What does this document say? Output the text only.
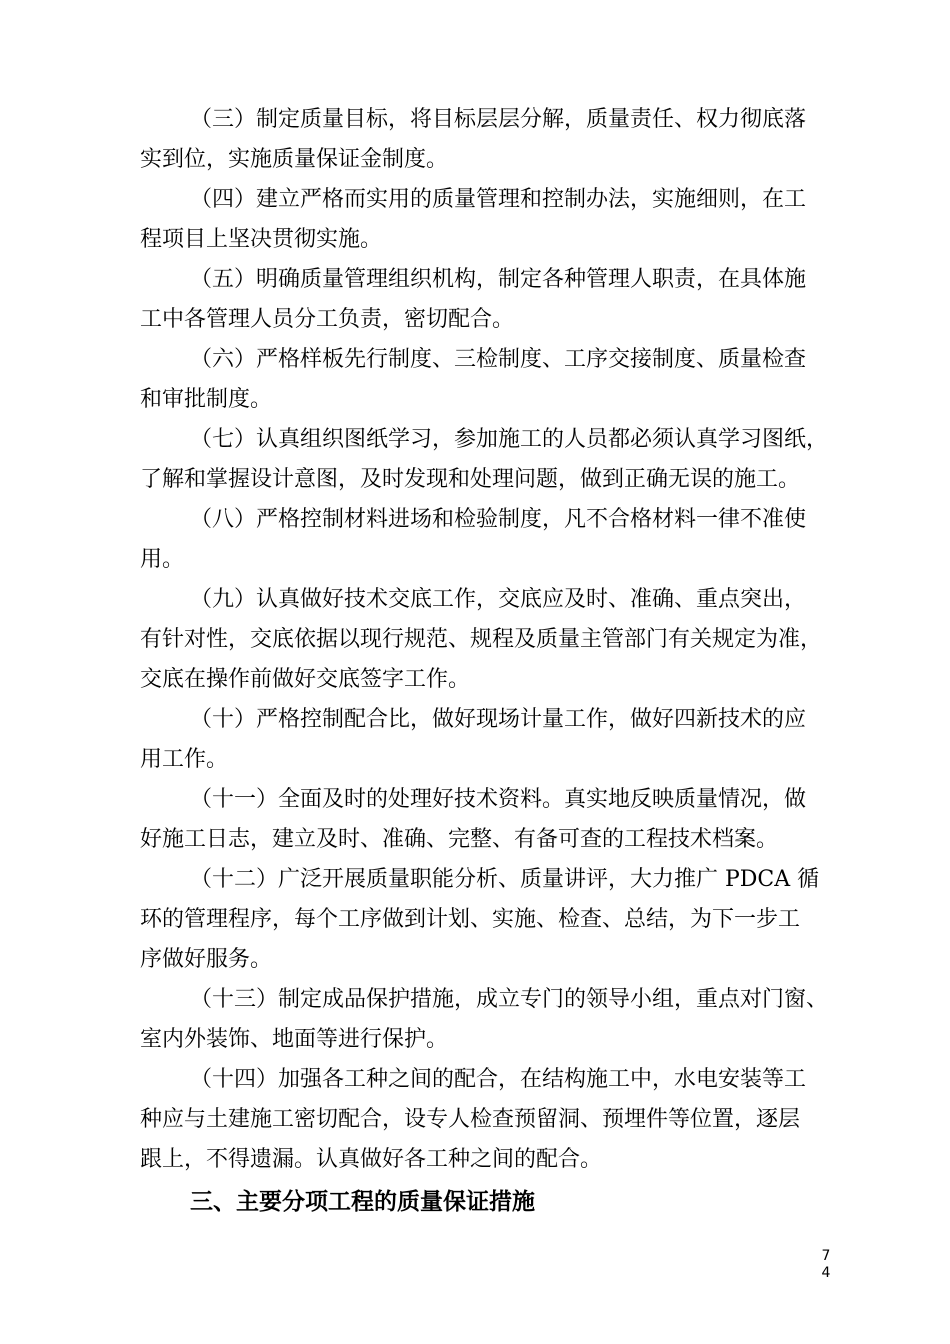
（三）制定质量目标，将目标层层分解，质量责任、权力彻底落
实到位，实施质量保证金制度。
（四）建立严格而实用的质量管理和控制办法，实施细则，在工
程项目上坚决贯彻实施。
（五）明确质量管理组织机构，制定各种管理人职责，在具体施
工中各管理人员分工负责，密切配合。
（六）严格样板先行制度、三检制度、工序交接制度、质量检查
和审批制度。
（七）认真组织图纸学习，参加施工的人员都必须认真学习图纸，
了解和掌握设计意图，及时发现和处理问题，做到正确无误的施工。
（八）严格控制材料进场和检验制度，凡不合格材料一律不准使
用。
（九）认真做好技术交底工作，交底应及时、准确、重点突出，
有针对性，交底依据以现行规范、规程及质量主管部门有关规定为准，
交底在操作前做好交底签字工作。
（十）严格控制配合比，做好现场计量工作，做好四新技术的应
用工作。
（十一）全面及时的处理好技术资料。真实地反映质量情况，做
好施工日志，建立及时、准确、完整、有备可查的工程技术档案。
（十二）广泛开展质量职能分析、质量讲评，大力推广 PDCA 循
环的管理程序，每个工序做到计划、实施、检查、总结，为下一步工
序做好服务。
（十三）制定成品保护措施，成立专门的领导小组，重点对门窗、
室内外装饰、地面等进行保护。
（十四）加强各工种之间的配合，在结构施工中，水电安装等工
种应与土建施工密切配合，设专人检查预留洞、预埋件等位置，逐层
跟上，不得遗漏。认真做好各工种之间的配合。
三、主要分项工程的质量保证措施
7
4
